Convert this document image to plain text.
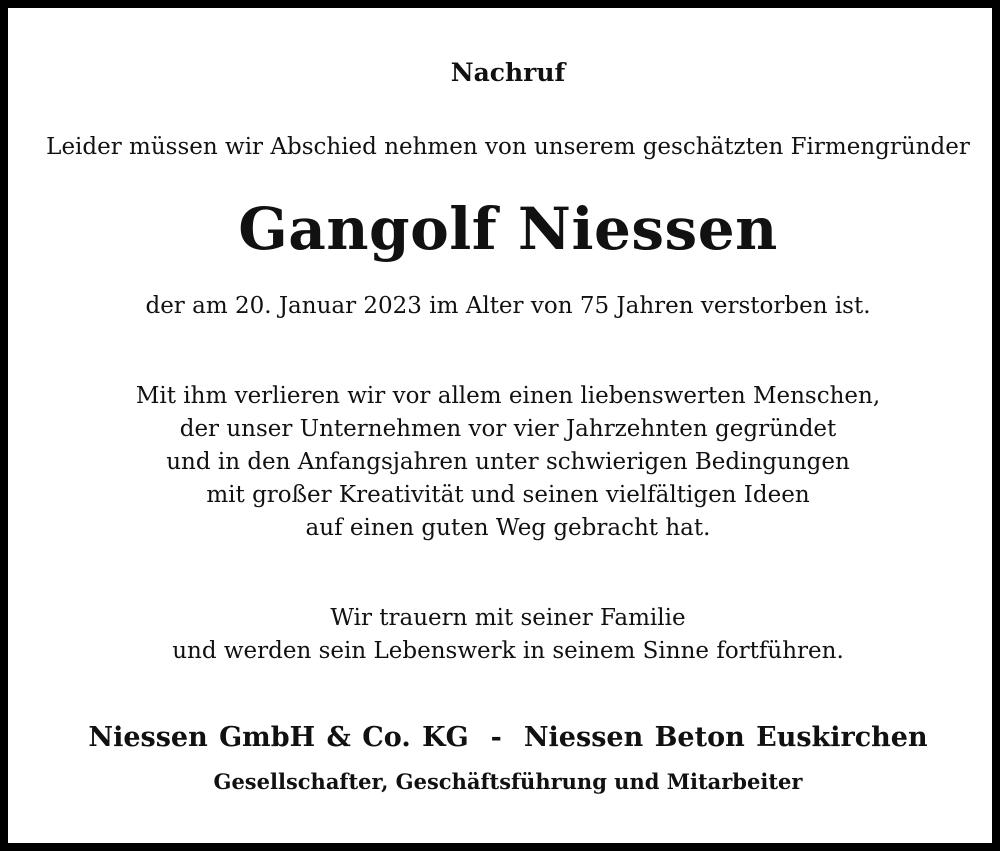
Nachruf
Leider müssen wir Abschied nehmen von unserem geschätzten Firmengründer
Gangolf Niessen
der am 20. Januar 2023 im Alter von 75 Jahren verstorben ist.
Mit ihm verlieren wir vor allem einen liebenswerten Menschen,
der unser Unternehmen vor vier Jahrzehnten gegründet
und in den Anfangsjahren unter schwierigen Bedingungen
mit großer Kreativität und seinen vielfältigen Ideen
auf einen guten Weg gebracht hat.
Wir trauern mit seiner Familie
und werden sein Lebenswerk in seinem Sinne fortführen.
Niessen GmbH & Co. KG - Niessen Beton Euskirchen
Gesellschafter, Geschäftsführung und Mitarbeiter
